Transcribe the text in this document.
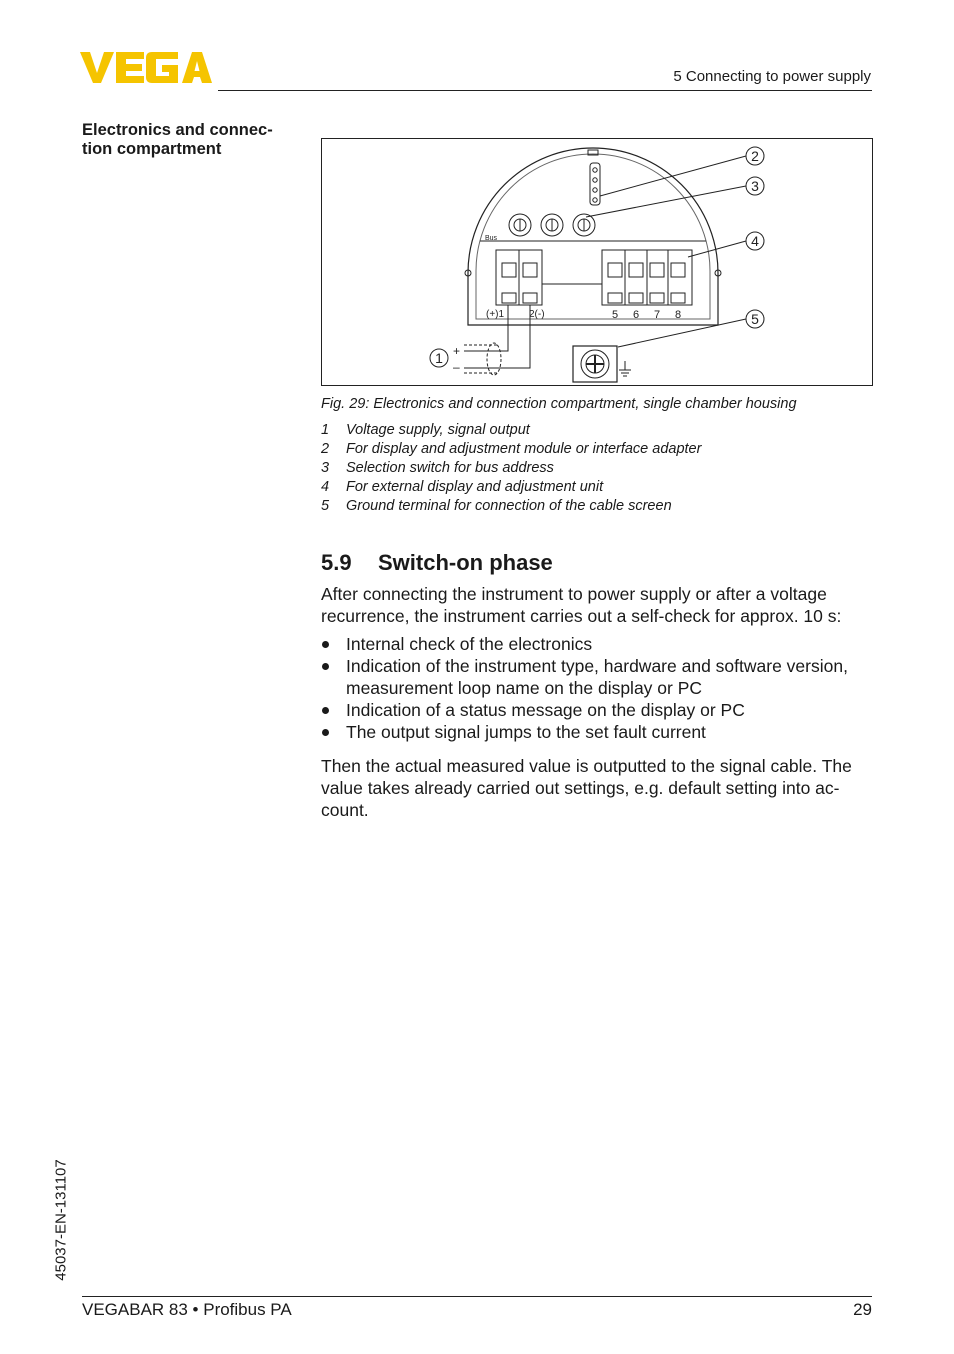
5 Connecting to power supply
Electronics and connec-
tion compartment
Bus
(+)1 2(-)	5 6 7 8
+
–
2
3
4
5
1
Fig. 29: Electronics and connection compartment, single chamber housing
1	Voltage supply, signal output
2	For display and adjustment module or interface adapter
3	Selection switch for bus address
4	For external display and adjustment unit
5	Ground terminal for connection of the cable screen
5.9 Switch-on phase
After connecting the instrument to power supply or after a voltage recurrence, the instrument carries out a self-check for approx. 10 s:
Internal check of the electronics
Indication of the instrument type, hardware and software version, measurement loop name on the display or PC
Indication of a status message on the display or PC
The output signal jumps to the set fault current
Then the actual measured value is outputted to the signal cable. The value takes already carried out settings, e.g. default setting into ac-count.
45037-EN-131107
VEGABAR 83 • Profibus PA	29
